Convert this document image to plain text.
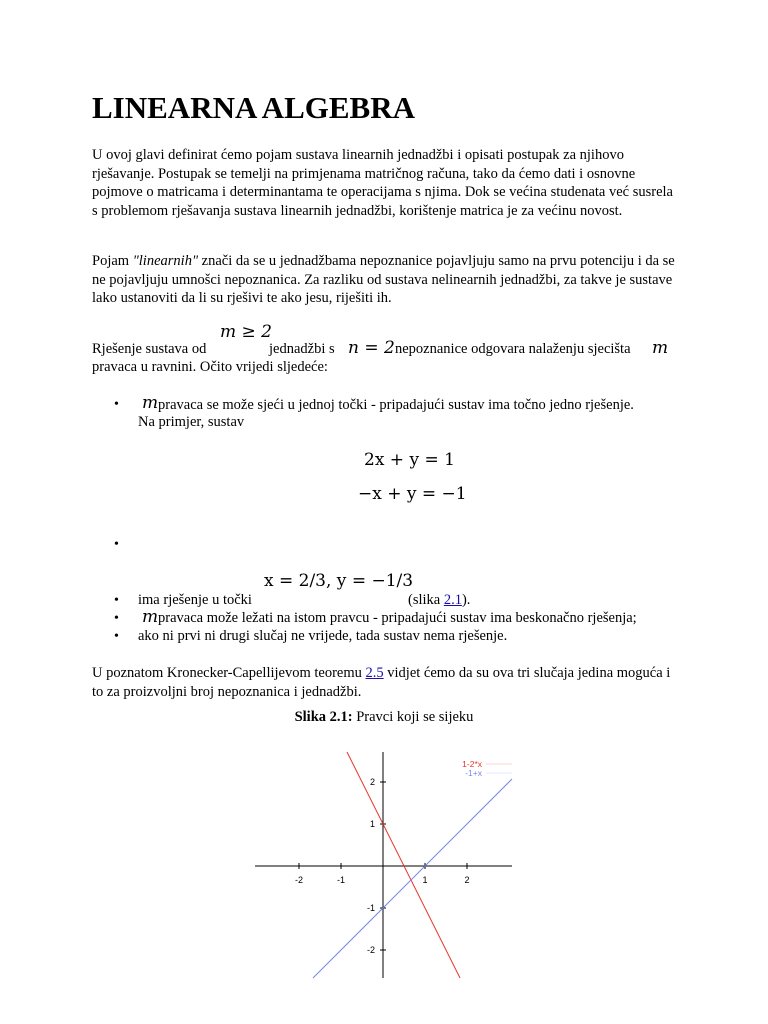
LINEARNA ALGEBRA

U ovoj glavi definirat ćemo pojam sustava linearnih jednadžbi i opisati postupak za njihovo rješavanje. Postupak se temelji na primjenama matričnog računa, tako da ćemo dati i osnovne pojmove o matricama i determinantama te operacijama s njima. Dok se većina studenata već susrela s problemom rješavanja sustava linearnih jednadžbi, korištenje matrica je za većinu novost.

Pojam "linearnih" znači da se u jednadžbama nepoznanice pojavljuju samo na prvu potenciju i da se ne pojavljuju umnošci nepoznanica. Za razliku od sustava nelinearnih jednadžbi, za takve je sustave lako ustanoviti da li su rješivi te ako jesu, riješiti ih.

Rješenje sustava od
m ≥ 2
jednadžbi s n = 2 nepoznanice odgovara nalaženju sjecišta m
pravaca u ravnini. Očito vrijedi sljedeće:
• m pravaca se može sjeći u jednoj točki - pripadajući sustav ima točno jedno rješenje.
Na primjer, sustav
2x + y = 1
−x + y = −1
•
x = 2/3, y = −1/3
• ima rješenje u točki	(slika 2.1).
• m pravaca može ležati na istom pravcu - pripadajući sustav ima beskonačno rješenja;
• ako ni prvi ni drugi slučaj ne vrijede, tada sustav nema rješenje.

U poznatom Kronecker-Capellijevom teoremu 2.5 vidjet ćemo da su ova tri slučaja jedina moguća i to za proizvoljni broj nepoznanica i jednadžbi.

Slika 2.1: Pravci koji se sijeku
-2	-1	1	2
2
1
-1
-2
1-2*x
-1+x
